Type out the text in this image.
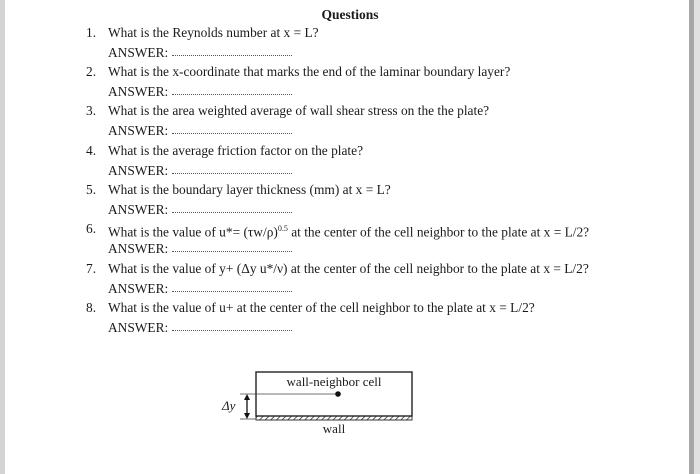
Questions
1. What is the Reynolds number at x = L?
ANSWER:
2. What is the x-coordinate that marks the end of the laminar boundary layer?
ANSWER:
3. What is the area weighted average of wall shear stress on the the plate?
ANSWER:
4. What is the average friction factor on the plate?
ANSWER:
5. What is the boundary layer thickness (mm) at x = L?
ANSWER:
6. What is the value of $u*= (\tau w/\rho)^{0.5}$ at the center of the cell neighbor to the plate at x = L/2?
ANSWER:
7. What is the value of y+ (Δy u*/ν) at the center of the cell neighbor to the plate at x = L/2?
ANSWER:
8. What is the value of u+ at the center of the cell neighbor to the plate at x = L/2?
ANSWER:
wall-neighbor cell
Δy
wall
